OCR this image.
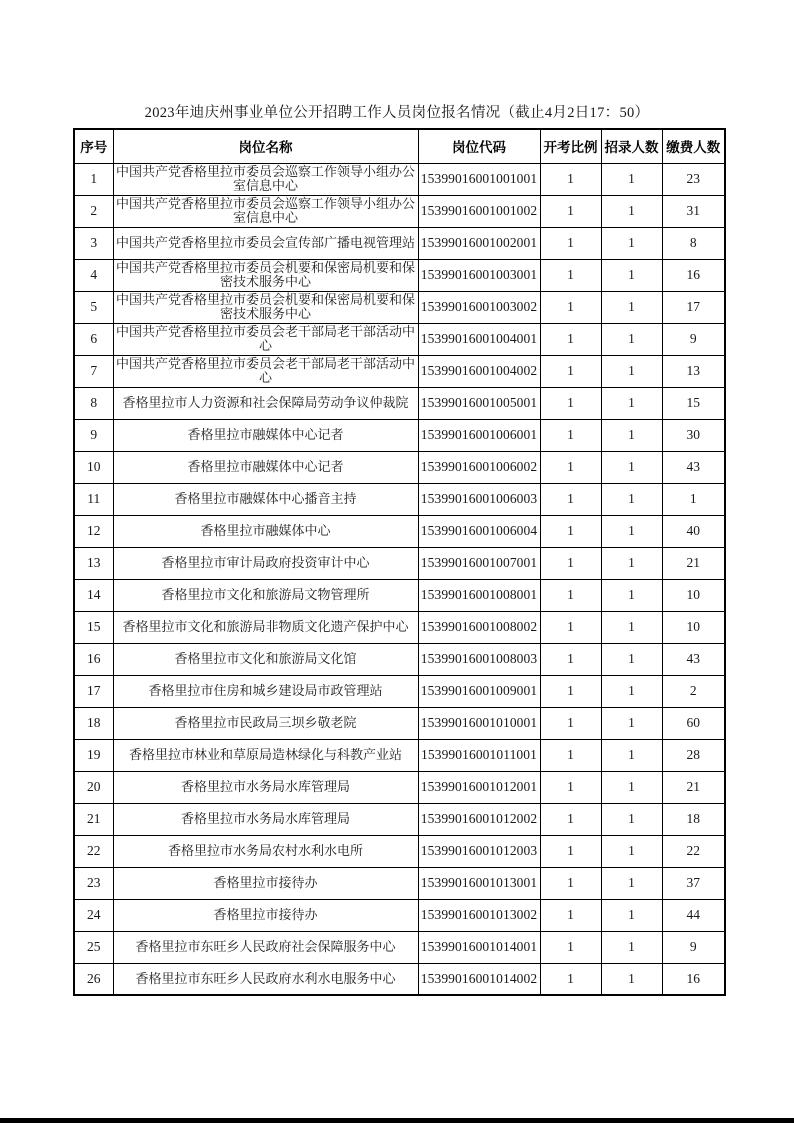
2023年迪庆州事业单位公开招聘工作人员岗位报名情况（截止4月2日17：50）
序号	岗位名称	岗位代码	开考比例	招录人数	缴费人数
1	中国共产党香格里拉市委员会巡察工作领导小组办公室信息中心	15399016001001001	1	1	23
2	中国共产党香格里拉市委员会巡察工作领导小组办公室信息中心	15399016001001002	1	1	31
3	中国共产党香格里拉市委员会宣传部广播电视管理站	15399016001002001	1	1	8
4	中国共产党香格里拉市委员会机要和保密局机要和保密技术服务中心	15399016001003001	1	1	16
5	中国共产党香格里拉市委员会机要和保密局机要和保密技术服务中心	15399016001003002	1	1	17
6	中国共产党香格里拉市委员会老干部局老干部活动中心	15399016001004001	1	1	9
7	中国共产党香格里拉市委员会老干部局老干部活动中心	15399016001004002	1	1	13
8	香格里拉市人力资源和社会保障局劳动争议仲裁院	15399016001005001	1	1	15
9	香格里拉市融媒体中心记者	15399016001006001	1	1	30
10	香格里拉市融媒体中心记者	15399016001006002	1	1	43
11	香格里拉市融媒体中心播音主持	15399016001006003	1	1	1
12	香格里拉市融媒体中心	15399016001006004	1	1	40
13	香格里拉市审计局政府投资审计中心	15399016001007001	1	1	21
14	香格里拉市文化和旅游局文物管理所	15399016001008001	1	1	10
15	香格里拉市文化和旅游局非物质文化遗产保护中心	15399016001008002	1	1	10
16	香格里拉市文化和旅游局文化馆	15399016001008003	1	1	43
17	香格里拉市住房和城乡建设局市政管理站	15399016001009001	1	1	2
18	香格里拉市民政局三坝乡敬老院	15399016001010001	1	1	60
19	香格里拉市林业和草原局造林绿化与科教产业站	15399016001011001	1	1	28
20	香格里拉市水务局水库管理局	15399016001012001	1	1	21
21	香格里拉市水务局水库管理局	15399016001012002	1	1	18
22	香格里拉市水务局农村水利水电所	15399016001012003	1	1	22
23	香格里拉市接待办	15399016001013001	1	1	37
24	香格里拉市接待办	15399016001013002	1	1	44
25	香格里拉市东旺乡人民政府社会保障服务中心	15399016001014001	1	1	9
26	香格里拉市东旺乡人民政府水利水电服务中心	15399016001014002	1	1	16
